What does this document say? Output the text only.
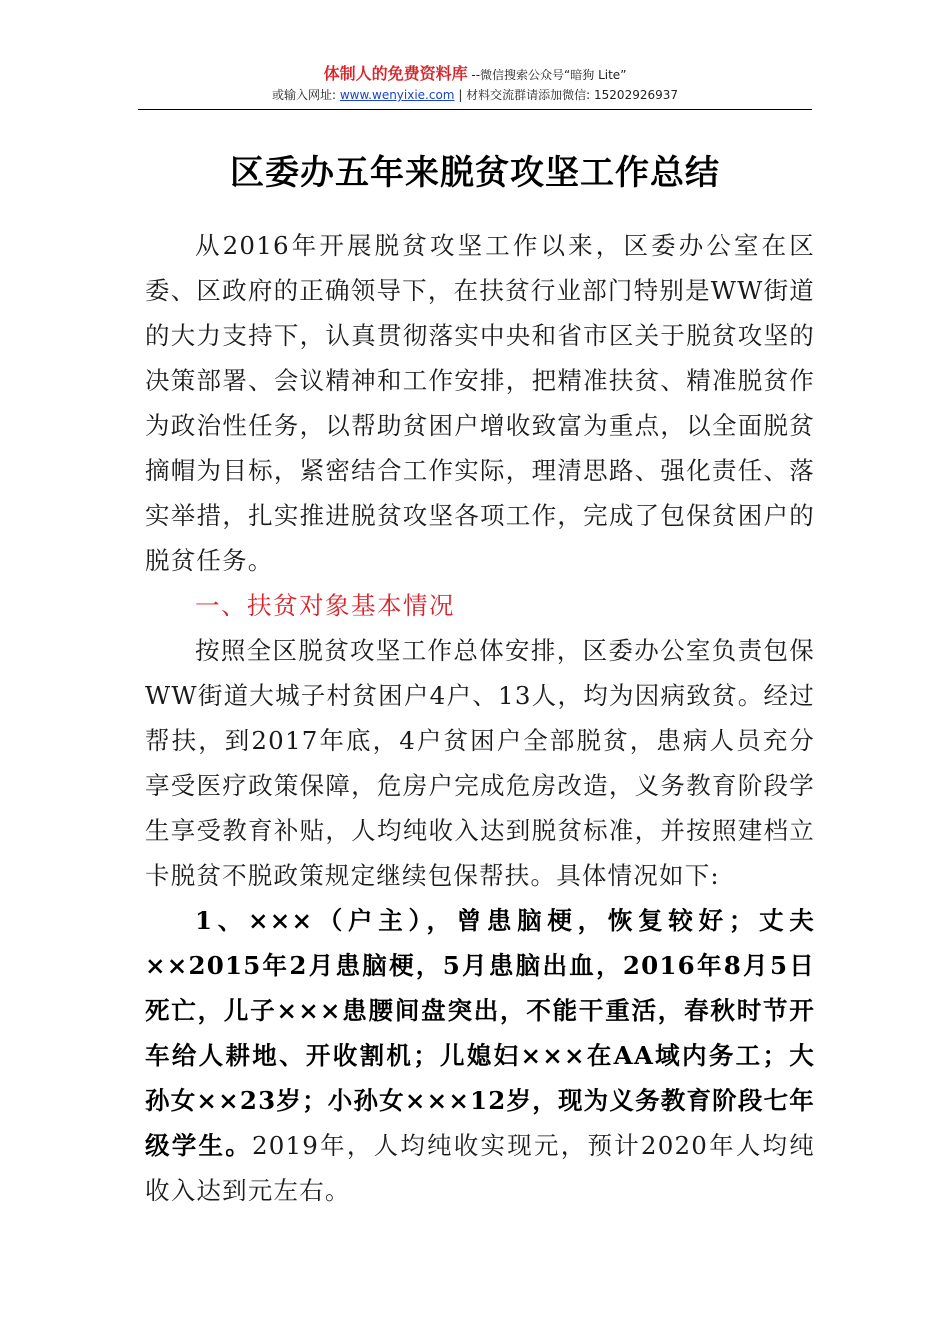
体制人的免费资料库 --微信搜索公众号“暗狗 Lite”
或输入网址: www.wenyixie.com | 材料交流群请添加微信: 15202926937
区委办五年来脱贫攻坚工作总结

从2016年开展脱贫攻坚工作以来，区委办公室在区委、区政府的正确领导下，在扶贫行业部门特别是WW街道的大力支持下，认真贯彻落实中央和省市区关于脱贫攻坚的决策部署、会议精神和工作安排，把精准扶贫、精准脱贫作为政治性任务，以帮助贫困户增收致富为重点，以全面脱贫摘帽为目标，紧密结合工作实际，理清思路、强化责任、落实举措，扎实推进脱贫攻坚各项工作，完成了包保贫困户的脱贫任务。

一、扶贫对象基本情况

按照全区脱贫攻坚工作总体安排，区委办公室负责包保WW街道大城子村贫困户4户、13人，均为因病致贫。经过帮扶，到2017年底，4户贫困户全部脱贫，患病人员充分享受医疗政策保障，危房户完成危房改造，义务教育阶段学生享受教育补贴，人均纯收入达到脱贫标准，并按照建档立卡脱贫不脱政策规定继续包保帮扶。具体情况如下:

1、×××（户主），曾患脑梗，恢复较好；丈夫××2015年2月患脑梗，5月患脑出血，2016年8月5日死亡，儿子×××患腰间盘突出，不能干重活，春秋时节开车给人耕地、开收割机；儿媳妇×××在AA域内务工；大孙女××23岁；小孙女×××12岁，现为义务教育阶段七年级学生。2019年，人均纯收实现元，预计2020年人均纯收入达到元左右。
